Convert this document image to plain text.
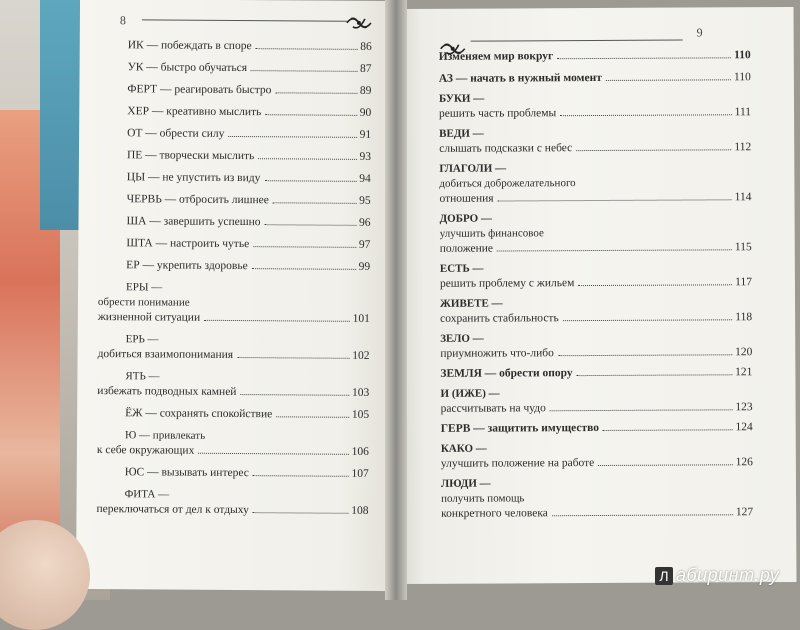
8
ИК — побеждать в споре	86
УК — быстро обучаться	87
ФЕРТ — реагировать быстро	89
ХЕР — креативно мыслить	90
ОТ — обрести силу	91
ПЕ — творчески мыслить	93
ЦЫ — не упустить из виду	94
ЧЕРВЬ — отбросить лишнее	95
ША — завершить успешно	96
ШТА — настроить чутье	97
ЕР — укрепить здоровье	99
ЕРЫ —
обрести понимание
жизненной ситуации	101
ЕРЬ —
добиться взаимопонимания	102
ЯТЬ —
избежать подводных камней	103
ЁЖ — сохранять спокойствие	105
Ю — привлекать
к себе окружающих	106
ЮС — вызывать интерес	107
ФИТА —
переключаться от дел к отдыху	108
9
Изменяем мир вокруг	110
АЗ — начать в нужный момент	110
БУКИ —
решить часть проблемы	111
ВЕДИ —
слышать подсказки с небес	112
ГЛАГОЛИ —
добиться доброжелательного
отношения	114
ДОБРО —
улучшить финансовое
положение	115
ЕСТЬ —
решить проблему с жильем	117
ЖИВЕТЕ —
сохранить стабильность	118
ЗЕЛО —
приумножить что-либо	120
ЗЕМЛЯ — обрести опору	121
И (ИЖЕ) —
рассчитывать на чудо	123
ГЕРВ — защитить имущество	124
КАКО —
улучшить положение на работе	126
ЛЮДИ —
получить помощь
конкретного человека	127
Л абиринт.ру
